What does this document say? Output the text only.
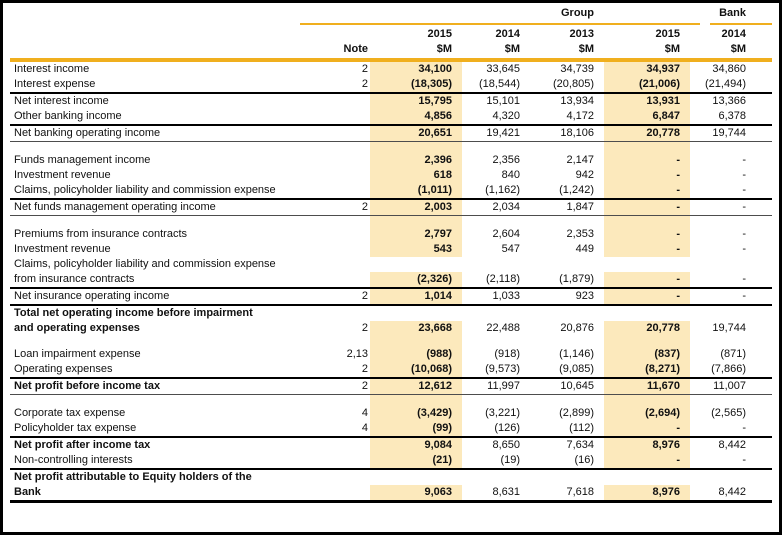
Group	Bank
2015	2014	2013	2015	2014
Note	$M	$M	$M	$M	$M
Interest income	2	34,100	33,645	34,739	34,937	34,860
Interest expense	2	(18,305)	(18,544)	(20,805)	(21,006)	(21,494)
Net interest income	15,795	15,101	13,934	13,931	13,366
Other banking income	4,856	4,320	4,172	6,847	6,378
Net banking operating income	20,651	19,421	18,106	20,778	19,744
Funds management income	2,396	2,356	2,147	-	-
Investment revenue	618	840	942	-	-
Claims, policyholder liability and commission expense	(1,011)	(1,162)	(1,242)	-	-
Net funds management operating income	2	2,003	2,034	1,847	-	-
Premiums from insurance contracts	2,797	2,604	2,353	-	-
Investment revenue	543	547	449	-	-
Claims, policyholder liability and commission expense
from insurance contracts	(2,326)	(2,118)	(1,879)	-	-
Net insurance operating income	2	1,014	1,033	923	-	-
Total net operating income before impairment
and operating expenses	2	23,668	22,488	20,876	20,778	19,744
Loan impairment expense	2,13	(988)	(918)	(1,146)	(837)	(871)
Operating expenses	2	(10,068)	(9,573)	(9,085)	(8,271)	(7,866)
Net profit before income tax	2	12,612	11,997	10,645	11,670	11,007
Corporate tax expense	4	(3,429)	(3,221)	(2,899)	(2,694)	(2,565)
Policyholder tax expense	4	(99)	(126)	(112)	-	-
Net profit after income tax	9,084	8,650	7,634	8,976	8,442
Non-controlling interests	(21)	(19)	(16)	-	-
Net profit attributable to Equity holders of the
Bank	9,063	8,631	7,618	8,976	8,442
